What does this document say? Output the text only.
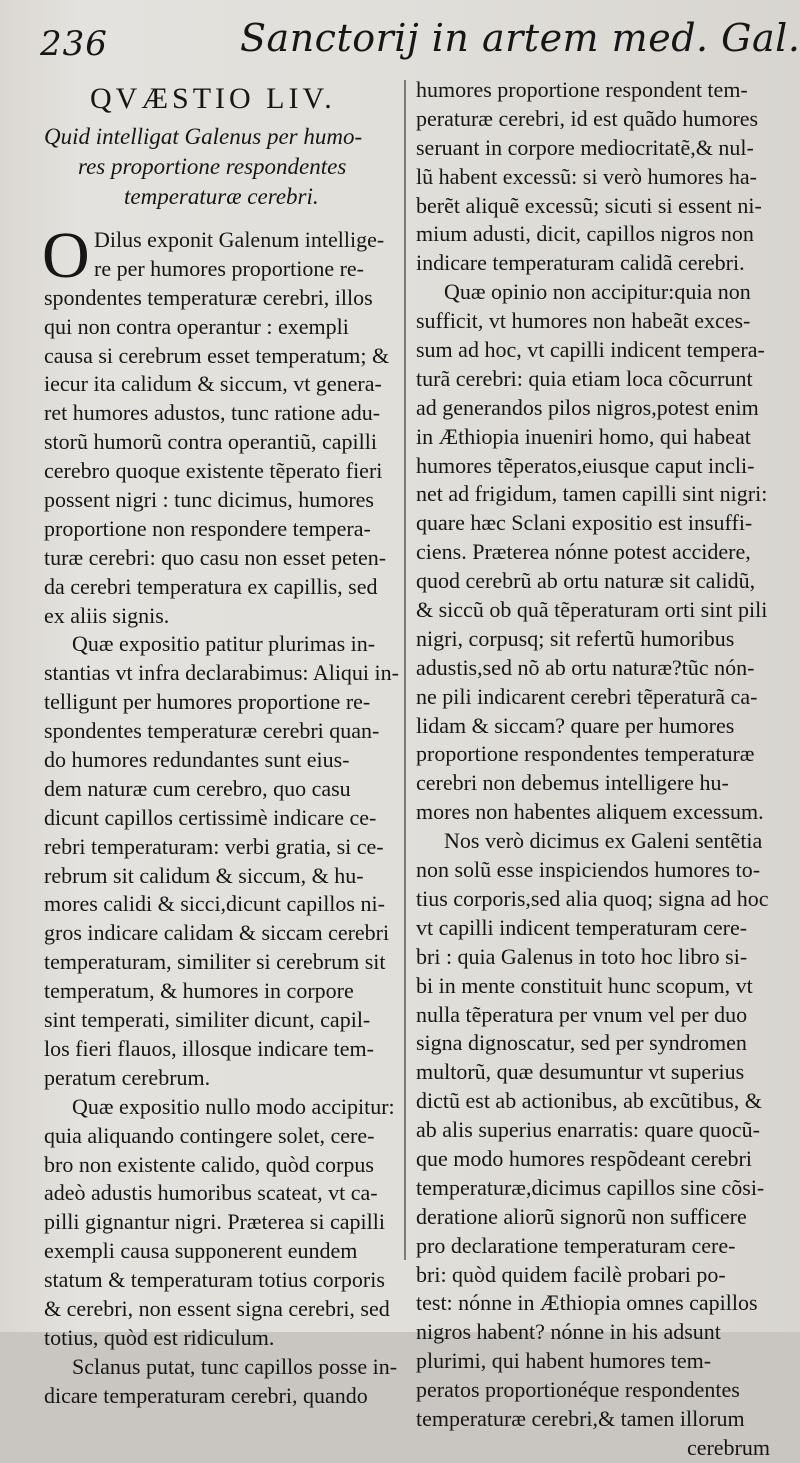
236	Sanctorij in artem med. Gal.
QVÆSTIO LIV.
Quid intelligat Galenus per humo-
res proportione respondentes
temperaturæ cerebri.
O Dilus exponit Galenum intellige-
re per humores proportione re-
spondentes temperaturæ cerebri, illos
qui non contra operantur : exempli
causa si cerebrum esset temperatum; &
iecur ita calidum & siccum, vt genera-
ret humores adustos, tunc ratione adu-
storũ humorũ contra operantiũ, capilli
cerebro quoque existente tẽperato fieri
possent nigri : tunc dicimus, humores
proportione non respondere tempera-
turæ cerebri: quo casu non esset peten-
da cerebri temperatura ex capillis, sed
ex aliis signis.
Quæ expositio patitur plurimas in-
stantias vt infra declarabimus: Aliqui in-
telligunt per humores proportione re-
spondentes temperaturæ cerebri quan-
do humores redundantes sunt eius-
dem naturæ cum cerebro, quo casu
dicunt capillos certissimè indicare ce-
rebri temperaturam: verbi gratia, si ce-
rebrum sit calidum & siccum, & hu-
mores calidi & sicci,dicunt capillos ni-
gros indicare calidam & siccam cerebri
temperaturam, similiter si cerebrum sit
temperatum, & humores in corpore
sint temperati, similiter dicunt, capil-
los fieri flauos, illosque indicare tem-
peratum cerebrum.
Quæ expositio nullo modo accipitur:
quia aliquando contingere solet, cere-
bro non existente calido, quòd corpus
adeò adustis humoribus scateat, vt ca-
pilli gignantur nigri. Præterea si capilli
exempli causa supponerent eundem
statum & temperaturam totius corporis
& cerebri, non essent signa cerebri, sed
totius, quòd est ridiculum.
Sclanus putat, tunc capillos posse in-
dicare temperaturam cerebri, quando
humores proportione respondent tem-
peraturæ cerebri, id est quãdo humores
seruant in corpore mediocritatẽ,& nul-
lũ habent excessũ: si verò humores ha-
berẽt aliquẽ excessũ; sicuti si essent ni-
mium adusti, dicit, capillos nigros non
indicare temperaturam calidã cerebri.
Quæ opinio non accipitur:quia non
sufficit, vt humores non habeãt exces-
sum ad hoc, vt capilli indicent tempera-
turã cerebri: quia etiam loca cõcurrunt
ad generandos pilos nigros,potest enim
in Æthiopia inueniri homo, qui habeat
humores tẽperatos,eiusque caput incli-
net ad frigidum, tamen capilli sint nigri:
quare hæc Sclani expositio est insuffi-
ciens. Præterea nónne potest accidere,
quod cerebrũ ab ortu naturæ sit calidũ,
& siccũ ob quã tẽperaturam orti sint pili
nigri, corpusq; sit refertũ humoribus
adustis,sed nõ ab ortu naturæ?tũc nón-
ne pili indicarent cerebri tẽperaturã ca-
lidam & siccam? quare per humores
proportione respondentes temperaturæ
cerebri non debemus intelligere hu-
mores non habentes aliquem excessum.
Nos verò dicimus ex Galeni sentẽtia
non solũ esse inspiciendos humores to-
tius corporis,sed alia quoq; signa ad hoc
vt capilli indicent temperaturam cere-
bri : quia Galenus in toto hoc libro si-
bi in mente constituit hunc scopum, vt
nulla tẽperatura per vnum vel per duo
signa dignoscatur, sed per syndromen
multorũ, quæ desumuntur vt superius
dictũ est ab actionibus, ab excũtibus, &
ab alis superius enarratis: quare quocũ-
que modo humores respõdeant cerebri
temperaturæ,dicimus capillos sine cõsi-
deratione aliorũ signorũ non sufficere
pro declaratione temperaturam cere-
bri: quòd quidem facilè probari po-
test: nónne in Æthiopia omnes capillos
nigros habent? nónne in his adsunt
plurimi, qui habent humores tem-
peratos proportionéque respondentes
temperaturæ cerebri,& tamen illorum
cerebrum
